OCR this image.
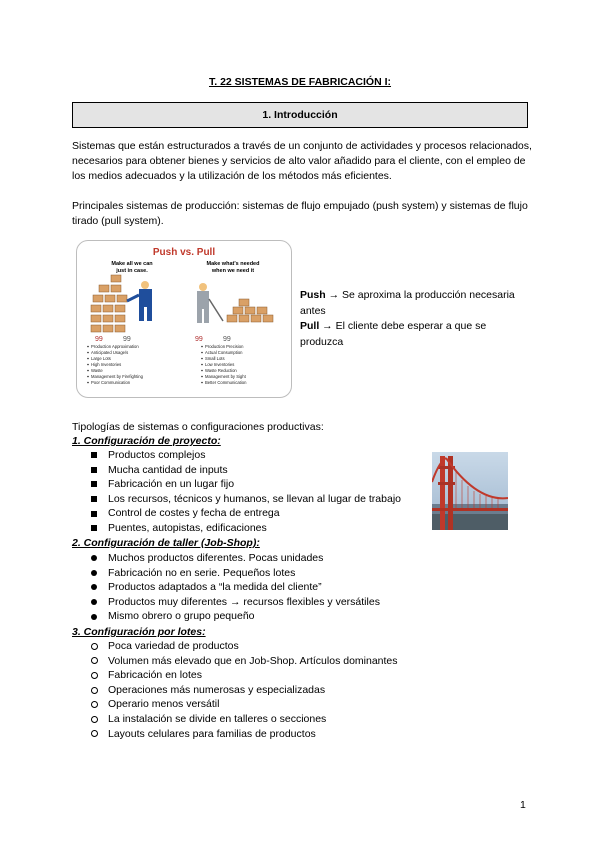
T. 22 SISTEMAS DE FABRICACIÓN I:
1. Introducción
Sistemas que están estructurados a través de un conjunto de actividades y procesos relacionados, necesarios para obtener bienes y servicios de alto valor añadido para el cliente, con el empleo de los medios adecuados y la utilización de los métodos más eficientes.
Principales sistemas de producción: sistemas de flujo empujado (push system) y sistemas de flujo tirado (pull system).
Push vs. Pull
Make all we can
just in case.
Make what's needed
when we need it
99	99	99	99
Production Approximation
Anticipated Usage/s
Large Lots
High Inventories
Waste
Management by Firefighting
Poor Communication
Production Precision
Actual Consumption
Small Lots
Low Inventories
Waste Reduction
Management by Sight
Better Communication
Push → Se aproxima la producción necesaria antes
Pull → El cliente debe esperar a que se produzca
Tipologías de sistemas o configuraciones productivas:
1. Configuración de proyecto:
Productos complejos
Mucha cantidad de inputs
Fabricación en un lugar fijo
Los recursos, técnicos y humanos, se llevan al lugar de trabajo
Control de costes y fecha de entrega
Puentes, autopistas, edificaciones
2. Configuración de taller (Job-Shop):
Muchos productos diferentes. Pocas unidades
Fabricación no en serie. Pequeños lotes
Productos adaptados a “la medida del cliente”
Productos muy diferentes → recursos flexibles y versátiles
Mismo obrero o grupo pequeño
3. Configuración por lotes:
Poca variedad de productos
Volumen más elevado que en Job-Shop. Artículos dominantes
Fabricación en lotes
Operaciones más numerosas y especializadas
Operario menos versátil
La instalación se divide en talleres o secciones
Layouts celulares para familias de productos
1
